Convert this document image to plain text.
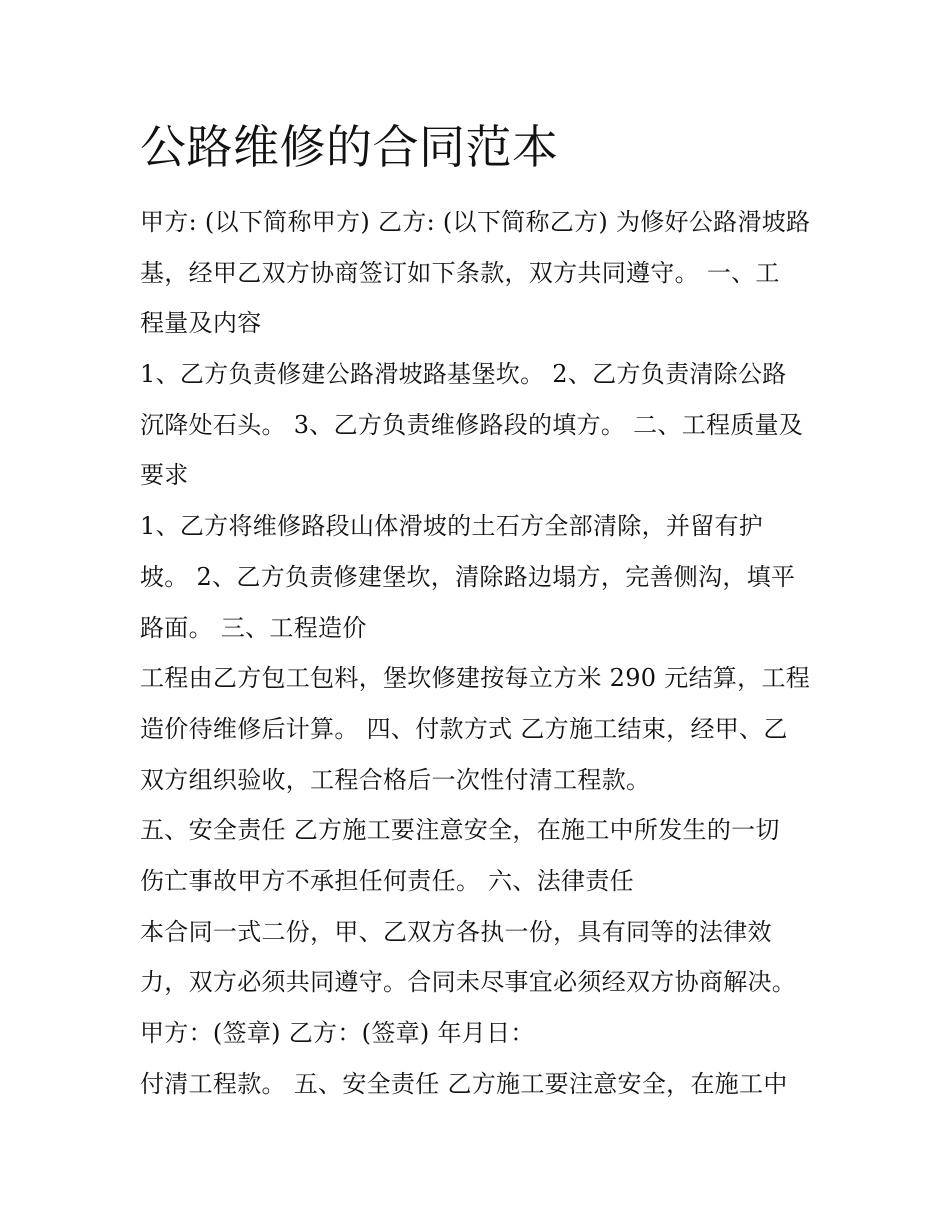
公路维修的合同范本
甲方: (以下简称甲方) 乙方: (以下简称乙方) 为修好公路滑坡路
基，经甲乙双方协商签订如下条款，双方共同遵守。 一、工
程量及内容
1、乙方负责修建公路滑坡路基堡坎。 2、乙方负责清除公路
沉降处石头。 3、乙方负责维修路段的填方。 二、工程质量及
要求
1、乙方将维修路段山体滑坡的土石方全部清除，并留有护
坡。 2、乙方负责修建堡坎，清除路边塌方，完善侧沟，填平
路面。 三、工程造价
工程由乙方包工包料，堡坎修建按每立方米 290 元结算，工程
造价待维修后计算。 四、付款方式 乙方施工结束，经甲、乙
双方组织验收，工程合格后一次性付清工程款。
五、安全责任 乙方施工要注意安全，在施工中所发生的一切
伤亡事故甲方不承担任何责任。 六、法律责任
本合同一式二份，甲、乙双方各执一份，具有同等的法律效
力，双方必须共同遵守。合同未尽事宜必须经双方协商解决。
甲方：(签章) 乙方：(签章) 年月日：
付清工程款。 五、安全责任 乙方施工要注意安全，在施工中
